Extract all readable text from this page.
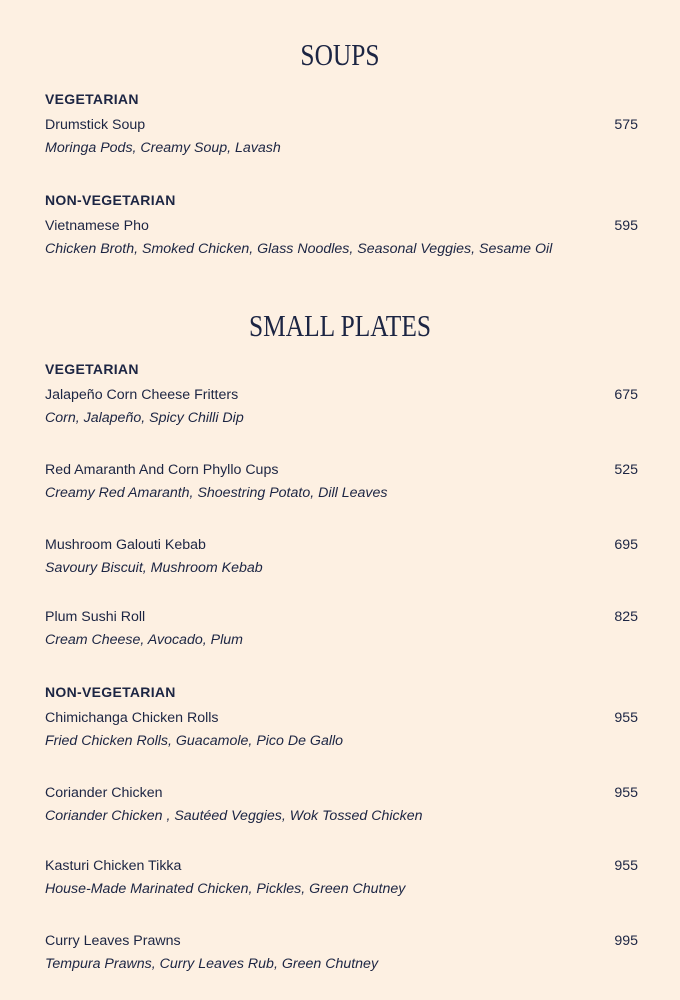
SOUPS
VEGETARIAN
Drumstick Soup	575
Moringa Pods, Creamy Soup, Lavash
NON-VEGETARIAN
Vietnamese Pho	595
Chicken Broth, Smoked Chicken, Glass Noodles, Seasonal Veggies, Sesame Oil
SMALL PLATES
VEGETARIAN
Jalapeño Corn Cheese Fritters	675
Corn, Jalapeño, Spicy Chilli Dip
Red Amaranth And Corn Phyllo Cups	525
Creamy Red Amaranth, Shoestring Potato, Dill Leaves
Mushroom Galouti Kebab	695
Savoury Biscuit, Mushroom Kebab
Plum Sushi Roll	825
Cream Cheese, Avocado, Plum
NON-VEGETARIAN
Chimichanga Chicken Rolls	955
Fried Chicken Rolls, Guacamole, Pico De Gallo
Coriander Chicken	955
Coriander Chicken , Sautéed Veggies, Wok Tossed Chicken
Kasturi Chicken Tikka	955
House-Made Marinated Chicken, Pickles, Green Chutney
Curry Leaves Prawns	995
Tempura Prawns, Curry Leaves Rub, Green Chutney
